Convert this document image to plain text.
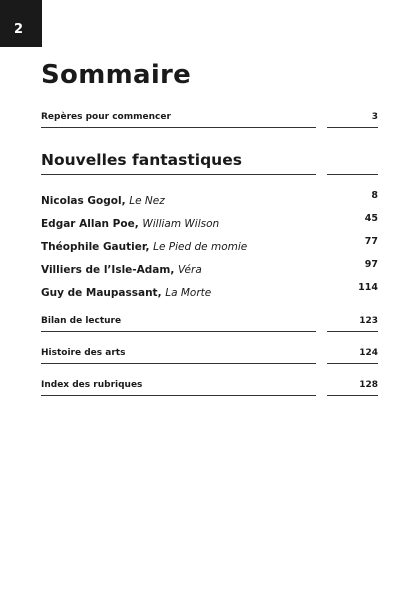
2
Sommaire
Repères pour commencer	3
Nouvelles fantastiques
Nicolas Gogol, Le Nez	8
Edgar Allan Poe, William Wilson	45
Théophile Gautier, Le Pied de momie	77
Villiers de l’Isle-Adam, Véra	97
Guy de Maupassant, La Morte	114
Bilan de lecture	123
Histoire des arts	124
Index des rubriques	128
